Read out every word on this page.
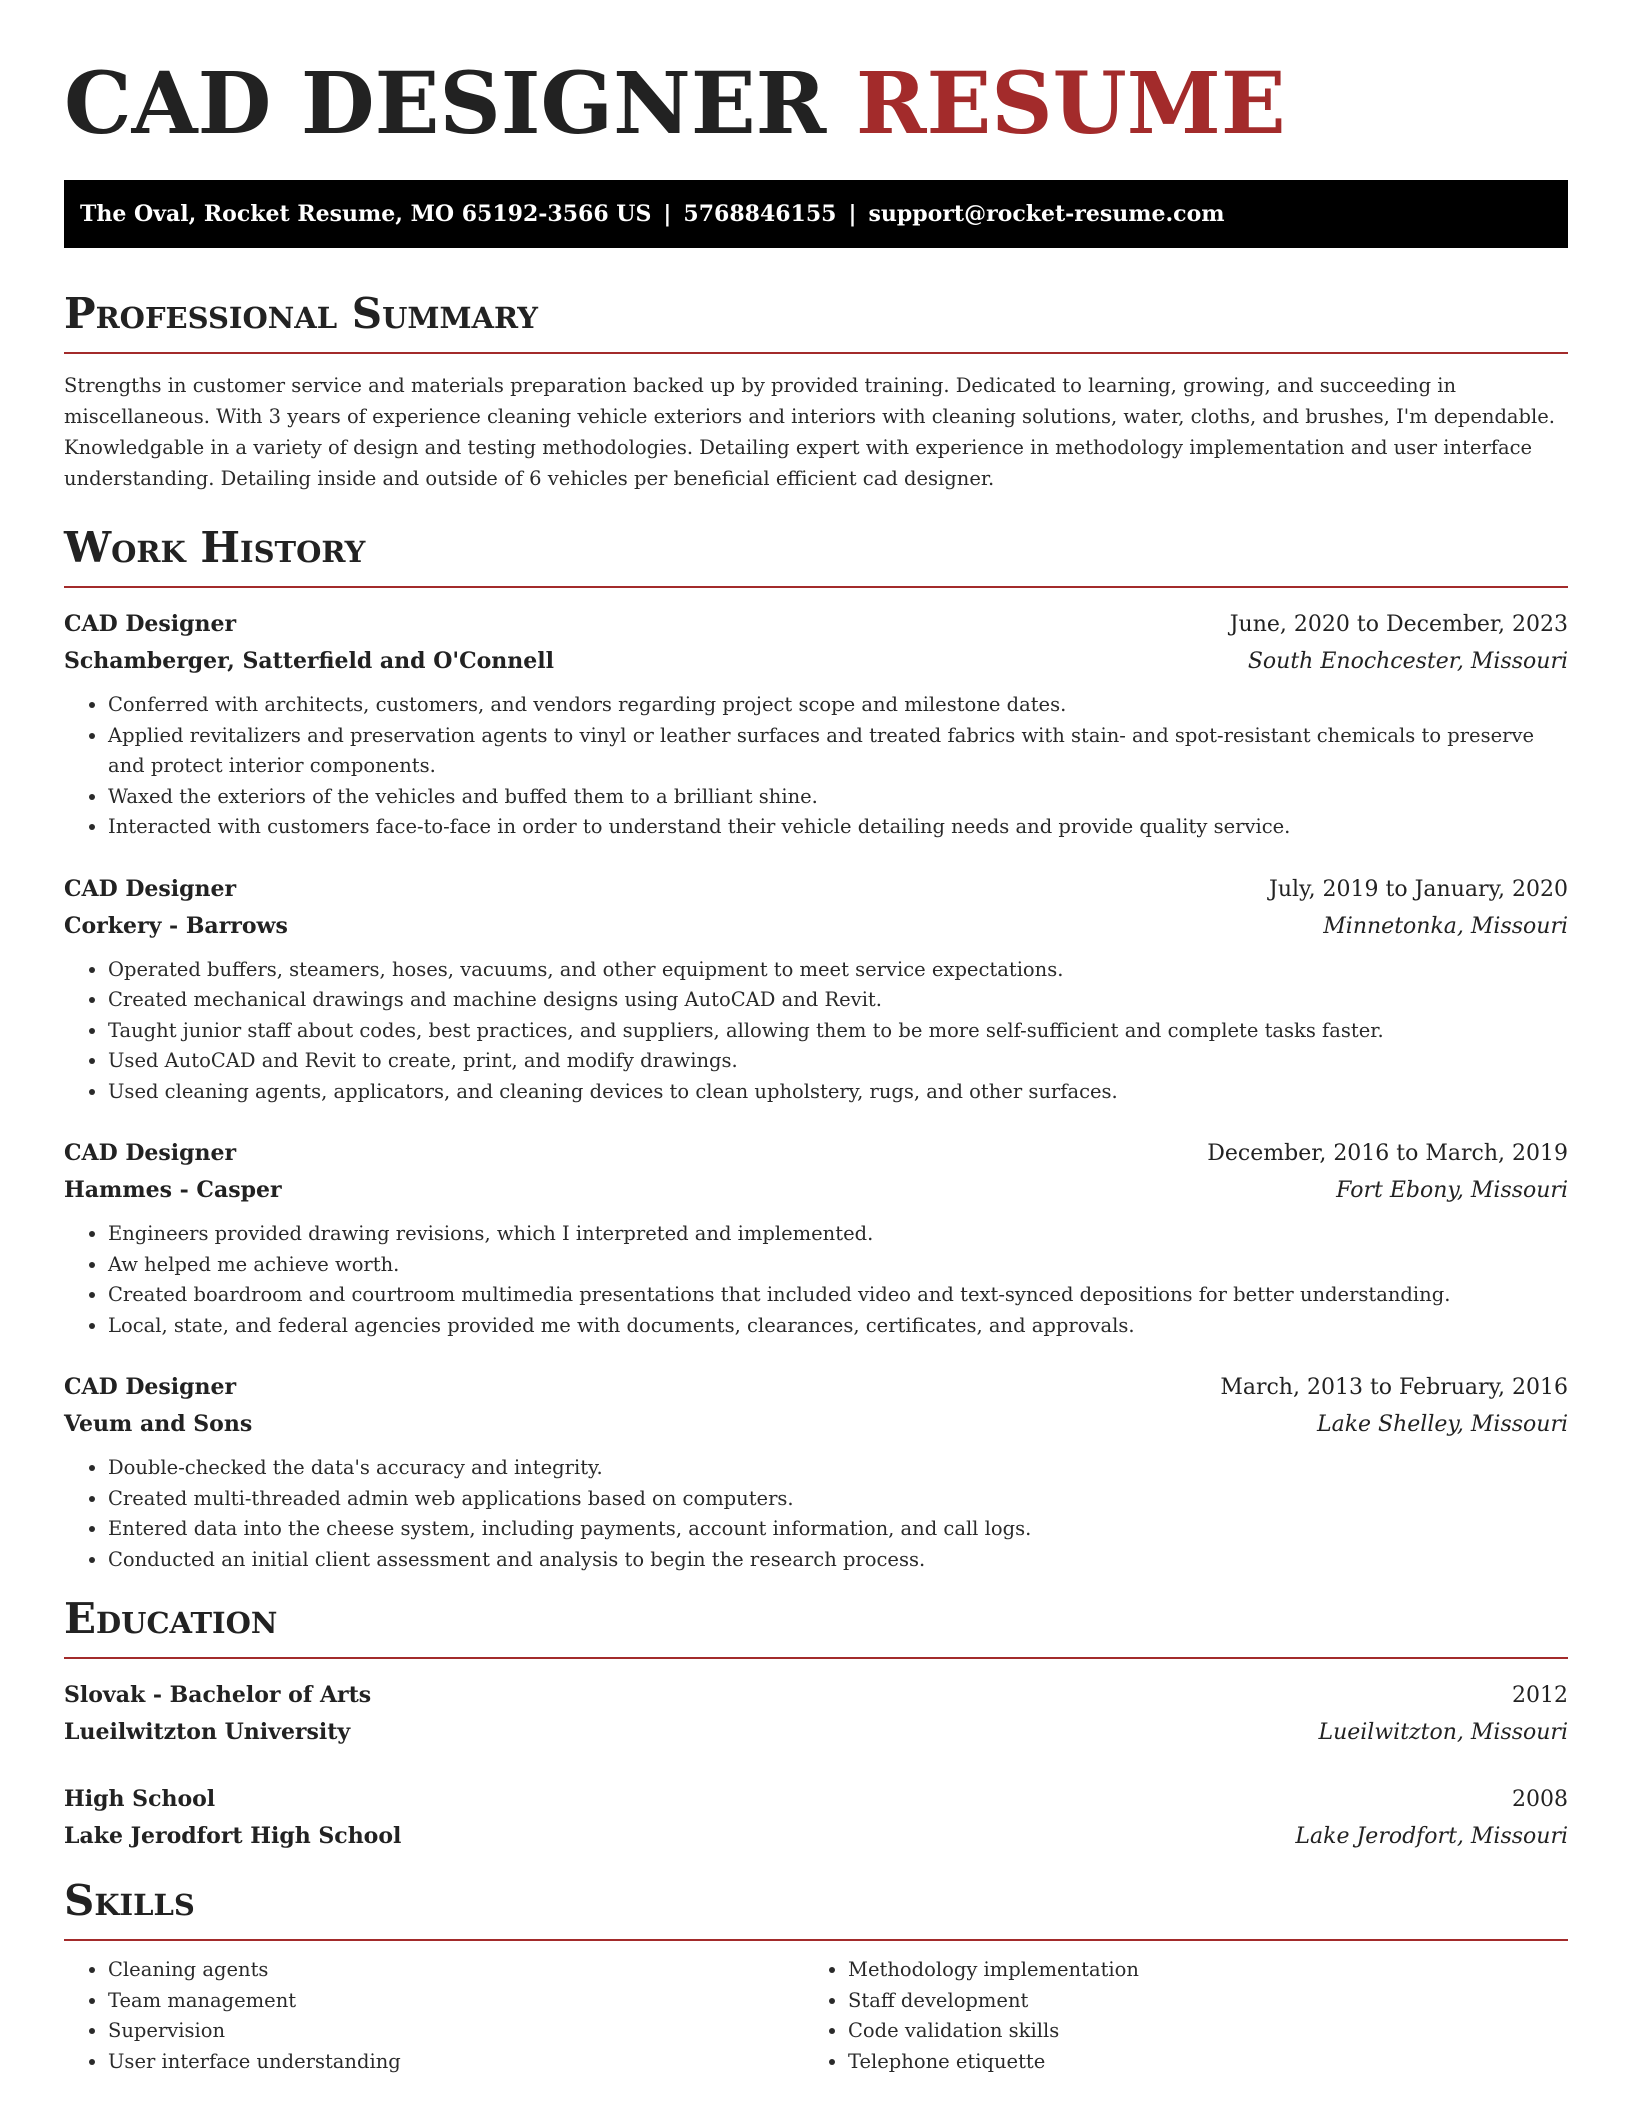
CAD DESIGNER RESUME
The Oval, Rocket Resume, MO 65192-3566 US | 5768846155 | support@rocket-resume.com
Professional Summary

Strengths in customer service and materials preparation backed up by provided training. Dedicated to learning, growing, and succeeding in miscellaneous. With 3 years of experience cleaning vehicle exteriors and interiors with cleaning solutions, water, cloths, and brushes, I'm dependable. Knowledgable in a variety of design and testing methodologies. Detailing expert with experience in methodology implementation and user interface understanding. Detailing inside and outside of 6 vehicles per beneficial efficient cad designer.

Work History
CAD Designer	June, 2020 to December, 2023
Schamberger, Satterfield and O'Connell	South Enochcester, Missouri
• Conferred with architects, customers, and vendors regarding project scope and milestone dates.
• Applied revitalizers and preservation agents to vinyl or leather surfaces and treated fabrics with stain- and spot-resistant chemicals to preserve and protect interior components.
• Waxed the exteriors of the vehicles and buffed them to a brilliant shine.
• Interacted with customers face-to-face in order to understand their vehicle detailing needs and provide quality service.
CAD Designer	July, 2019 to January, 2020
Corkery - Barrows	Minnetonka, Missouri
• Operated buffers, steamers, hoses, vacuums, and other equipment to meet service expectations.
• Created mechanical drawings and machine designs using AutoCAD and Revit.
• Taught junior staff about codes, best practices, and suppliers, allowing them to be more self-sufficient and complete tasks faster.
• Used AutoCAD and Revit to create, print, and modify drawings.
• Used cleaning agents, applicators, and cleaning devices to clean upholstery, rugs, and other surfaces.
CAD Designer	December, 2016 to March, 2019
Hammes - Casper	Fort Ebony, Missouri
• Engineers provided drawing revisions, which I interpreted and implemented.
• Aw helped me achieve worth.
• Created boardroom and courtroom multimedia presentations that included video and text-synced depositions for better understanding.
• Local, state, and federal agencies provided me with documents, clearances, certificates, and approvals.
CAD Designer	March, 2013 to February, 2016
Veum and Sons	Lake Shelley, Missouri
• Double-checked the data's accuracy and integrity.
• Created multi-threaded admin web applications based on computers.
• Entered data into the cheese system, including payments, account information, and call logs.
• Conducted an initial client assessment and analysis to begin the research process.
Education
Slovak - Bachelor of Arts	2012
Lueilwitzton University	Lueilwitzton, Missouri
High School	2008
Lake Jerodfort High School	Lake Jerodfort, Missouri
Skills
• Cleaning agents
• Team management
• Supervision
• User interface understanding
• Methodology implementation
• Staff development
• Code validation skills
• Telephone etiquette
